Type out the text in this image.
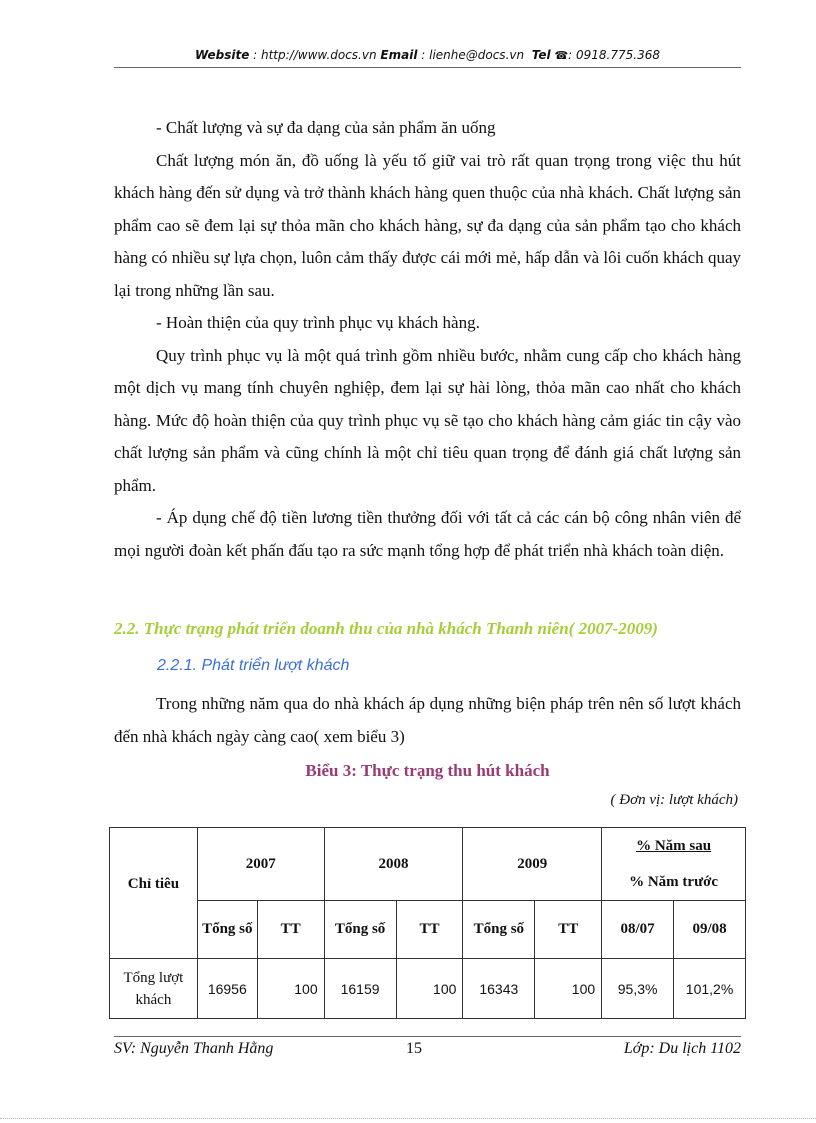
Website : http://www.docs.vn Email : lienhe@docs.vn  Tel ☎: 0918.775.368

- Chất lượng và sự đa dạng của sản phẩm ăn uống

Chất lượng món ăn, đồ uống là yếu tố giữ vai trò rất quan trọng trong việc thu hút khách hàng đến sử dụng và trở thành khách hàng quen thuộc của nhà khách. Chất lượng sản phẩm cao sẽ đem lại sự thỏa mãn cho khách hàng, sự đa dạng của sản phẩm tạo cho khách hàng có nhiều sự lựa chọn, luôn cảm thấy được cái mới mẻ, hấp dẫn và lôi cuốn khách quay lại trong những lần sau.

- Hoàn thiện của quy trình phục vụ khách hàng.

Quy trình phục vụ là một quá trình gồm nhiều bước, nhằm cung cấp cho khách hàng một dịch vụ mang tính chuyên nghiệp, đem lại sự hài lòng, thỏa mãn cao nhất cho khách hàng. Mức độ hoàn thiện của quy trình phục vụ sẽ tạo cho khách hàng cảm giác tin cậy vào chất lượng sản phẩm và cũng chính là một chỉ tiêu quan trọng để đánh giá chất lượng sản phẩm.

- Áp dụng chế độ tiền lương tiền thưởng đối với tất cả các cán bộ công nhân viên để mọi người đoàn kết phấn đấu tạo ra sức mạnh tổng hợp để phát triển nhà khách toàn diện.

2.2. Thực trạng phát triển doanh thu của nhà khách Thanh niên( 2007-2009)
2.2.1. Phát triển lượt khách

Trong những năm qua do nhà khách áp dụng những biện pháp trên nên số lượt khách đến nhà khách ngày càng cao( xem biểu 3)

Biểu 3: Thực trạng thu hút khách
( Đơn vị: lượt khách)
Chỉ tiêu	2007		2008		2009		% Năm sau
% Năm trước	

	Tổng số	TT	Tổng số	TT	Tổng số	TT	08/07	09/08
Tổng lượt khách	16956	100	16159	100	16343	100	95,3%	101,2%
SV: Nguyễn Thanh Hằng	15	Lớp: Du lịch 1102
